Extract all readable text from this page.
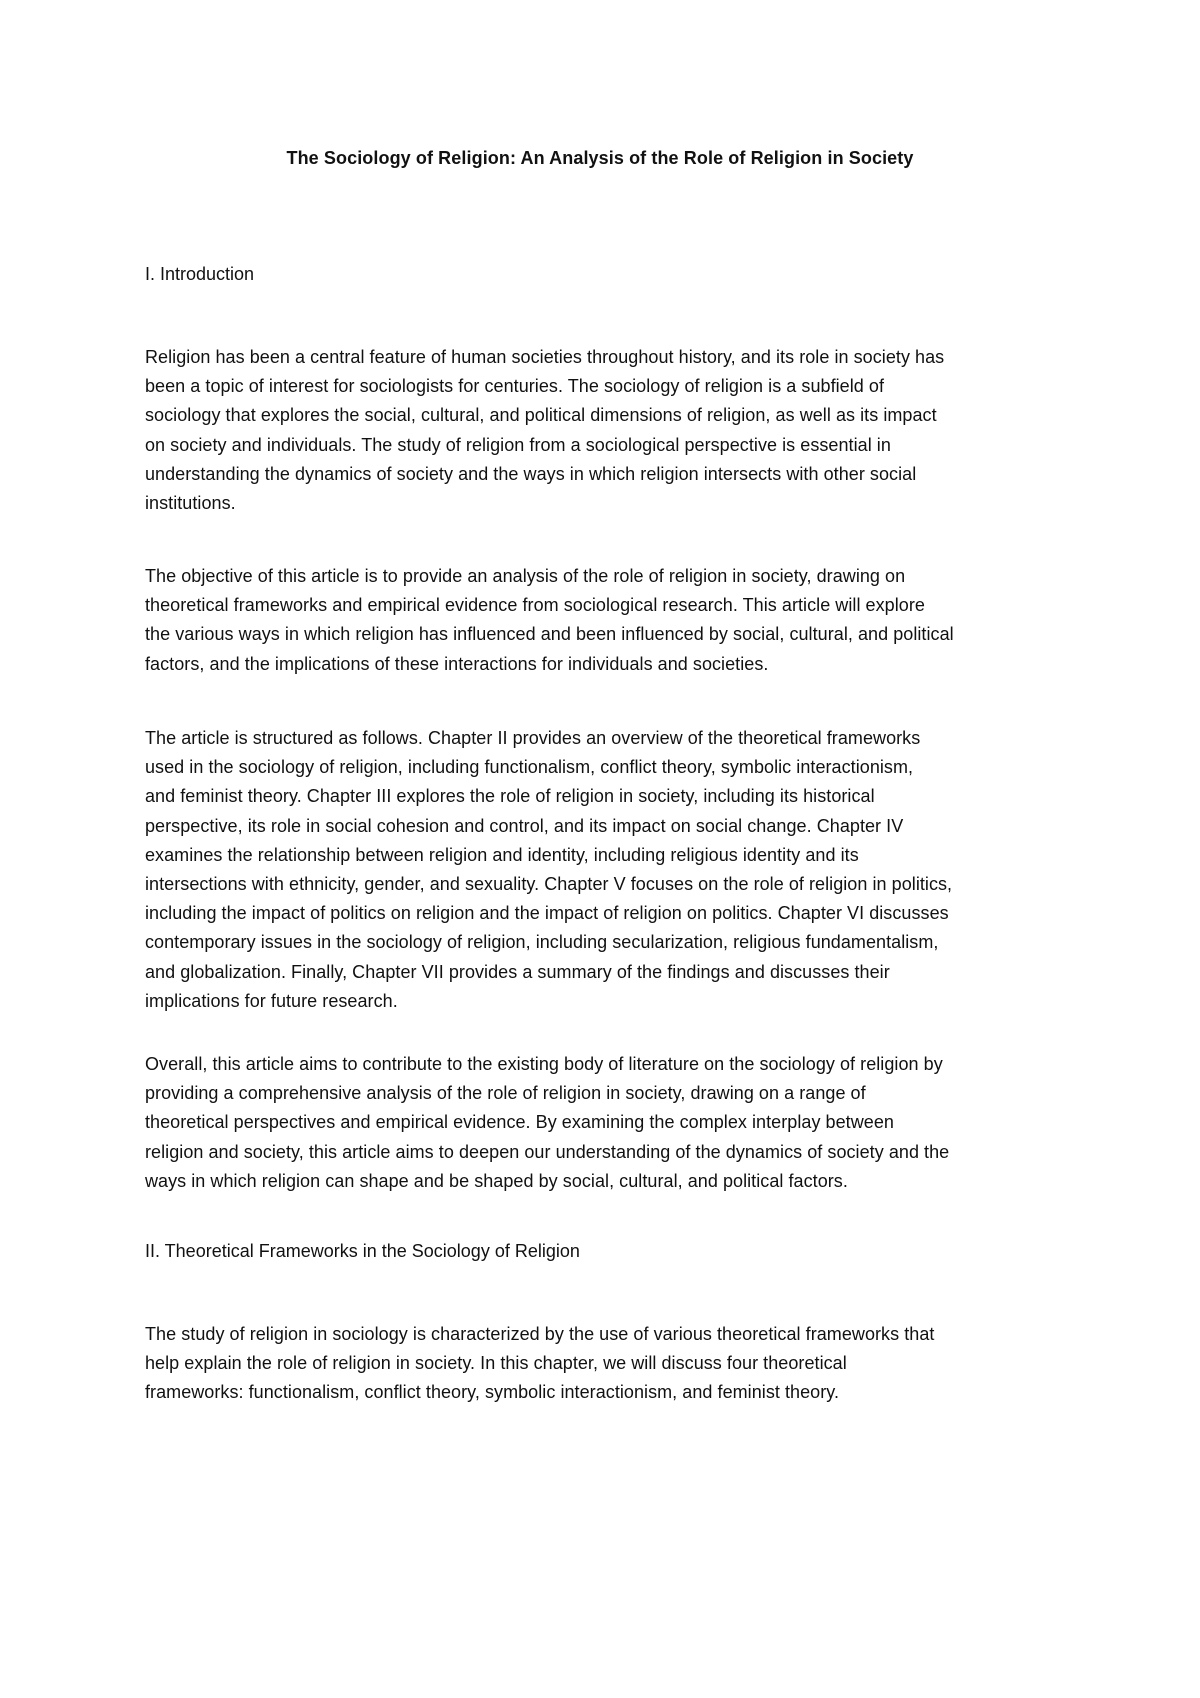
The Sociology of Religion: An Analysis of the Role of Religion in Society
I. Introduction
Religion has been a central feature of human societies throughout history, and its role in society has
been a topic of interest for sociologists for centuries. The sociology of religion is a subfield of
sociology that explores the social, cultural, and political dimensions of religion, as well as its impact
on society and individuals. The study of religion from a sociological perspective is essential in
understanding the dynamics of society and the ways in which religion intersects with other social
institutions.
The objective of this article is to provide an analysis of the role of religion in society, drawing on
theoretical frameworks and empirical evidence from sociological research. This article will explore
the various ways in which religion has influenced and been influenced by social, cultural, and political
factors, and the implications of these interactions for individuals and societies.
The article is structured as follows. Chapter II provides an overview of the theoretical frameworks
used in the sociology of religion, including functionalism, conflict theory, symbolic interactionism,
and feminist theory. Chapter III explores the role of religion in society, including its historical
perspective, its role in social cohesion and control, and its impact on social change. Chapter IV
examines the relationship between religion and identity, including religious identity and its
intersections with ethnicity, gender, and sexuality. Chapter V focuses on the role of religion in politics,
including the impact of politics on religion and the impact of religion on politics. Chapter VI discusses
contemporary issues in the sociology of religion, including secularization, religious fundamentalism,
and globalization. Finally, Chapter VII provides a summary of the findings and discusses their
implications for future research.
Overall, this article aims to contribute to the existing body of literature on the sociology of religion by
providing a comprehensive analysis of the role of religion in society, drawing on a range of
theoretical perspectives and empirical evidence. By examining the complex interplay between
religion and society, this article aims to deepen our understanding of the dynamics of society and the
ways in which religion can shape and be shaped by social, cultural, and political factors.
II. Theoretical Frameworks in the Sociology of Religion
The study of religion in sociology is characterized by the use of various theoretical frameworks that
help explain the role of religion in society. In this chapter, we will discuss four theoretical
frameworks: functionalism, conflict theory, symbolic interactionism, and feminist theory.
